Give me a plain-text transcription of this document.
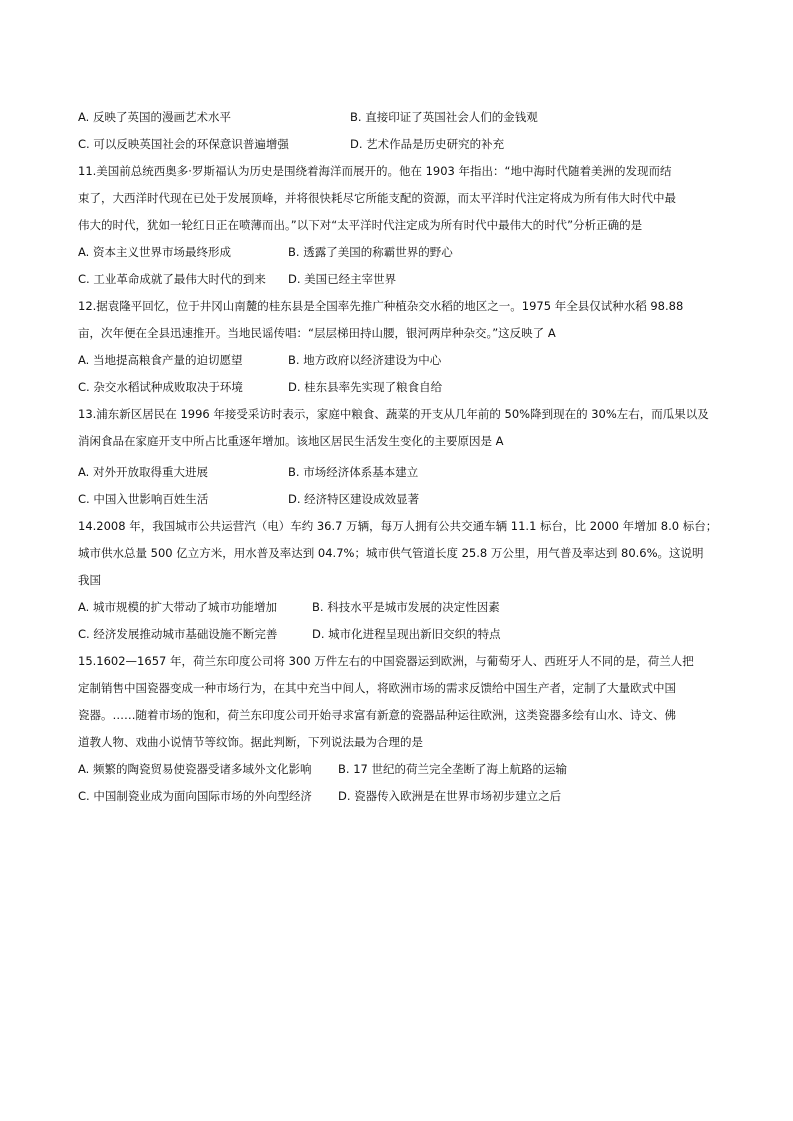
A. 反映了英国的漫画艺术水平	B. 直接印证了英国社会人们的金钱观
C. 可以反映英国社会的环保意识普遍增强	D. 艺术作品是历史研究的补充
11.美国前总统西奥多·罗斯福认为历史是围绕着海洋而展开的。他在 1903 年指出：“地中海时代随着美洲的发现而结
束了，大西洋时代现在已处于发展顶峰，并将很快耗尽它所能支配的资源，而太平洋时代注定将成为所有伟大时代中最
伟大的时代，犹如一轮红日正在喷薄而出。”以下对“太平洋时代注定成为所有时代中最伟大的时代”分析正确的是
A. 资本主义世界市场最终形成	B. 透露了美国的称霸世界的野心
C. 工业革命成就了最伟大时代的到来	D. 美国已经主宰世界
12.据袁隆平回忆，位于井冈山南麓的桂东县是全国率先推广种植杂交水稻的地区之一。1975 年全县仅试种水稻 98.88
亩，次年便在全县迅速推开。当地民谣传唱：“层层梯田持山腰，银河两岸种杂交。”这反映了 A
A. 当地提高粮食产量的迫切愿望	B. 地方政府以经济建设为中心
C. 杂交水稻试种成败取决于环境	D. 桂东县率先实现了粮食自给
13.浦东新区居民在 1996 年接受采访时表示，家庭中粮食、蔬菜的开支从几年前的 50%降到现在的 30%左右，而瓜果以及
消闲食品在家庭开支中所占比重逐年增加。该地区居民生活发生变化的主要原因是 A
A. 对外开放取得重大进展	B. 市场经济体系基本建立
C. 中国入世影响百姓生活	D. 经济特区建设成效显著
14.2008 年，我国城市公共运营汽（电）车约 36.7 万辆，每万人拥有公共交通车辆 11.1 标台，比 2000 年增加 8.0 标台；
城市供水总量 500 亿立方米，用水普及率达到 04.7%；城市供气管道长度 25.8 万公里，用气普及率达到 80.6%。这说明
我国
A. 城市规模的扩大带动了城市功能增加	B. 科技水平是城市发展的决定性因素
C. 经济发展推动城市基础设施不断完善	D. 城市化进程呈现出新旧交织的特点
15.1602—1657 年，荷兰东印度公司将 300 万件左右的中国瓷器运到欧洲，与葡萄牙人、西班牙人不同的是，荷兰人把
定制销售中国瓷器变成一种市场行为，在其中充当中间人，将欧洲市场的需求反馈给中国生产者，定制了大量欧式中国
瓷器。……随着市场的饱和，荷兰东印度公司开始寻求富有新意的瓷器品种运往欧洲，这类瓷器多绘有山水、诗文、佛
道教人物、戏曲小说情节等纹饰。据此判断，下列说法最为合理的是
A. 频繁的陶瓷贸易使瓷器受诸多域外文化影响	B. 17 世纪的荷兰完全垄断了海上航路的运输
C. 中国制瓷业成为面向国际市场的外向型经济	D. 瓷器传入欧洲是在世界市场初步建立之后
